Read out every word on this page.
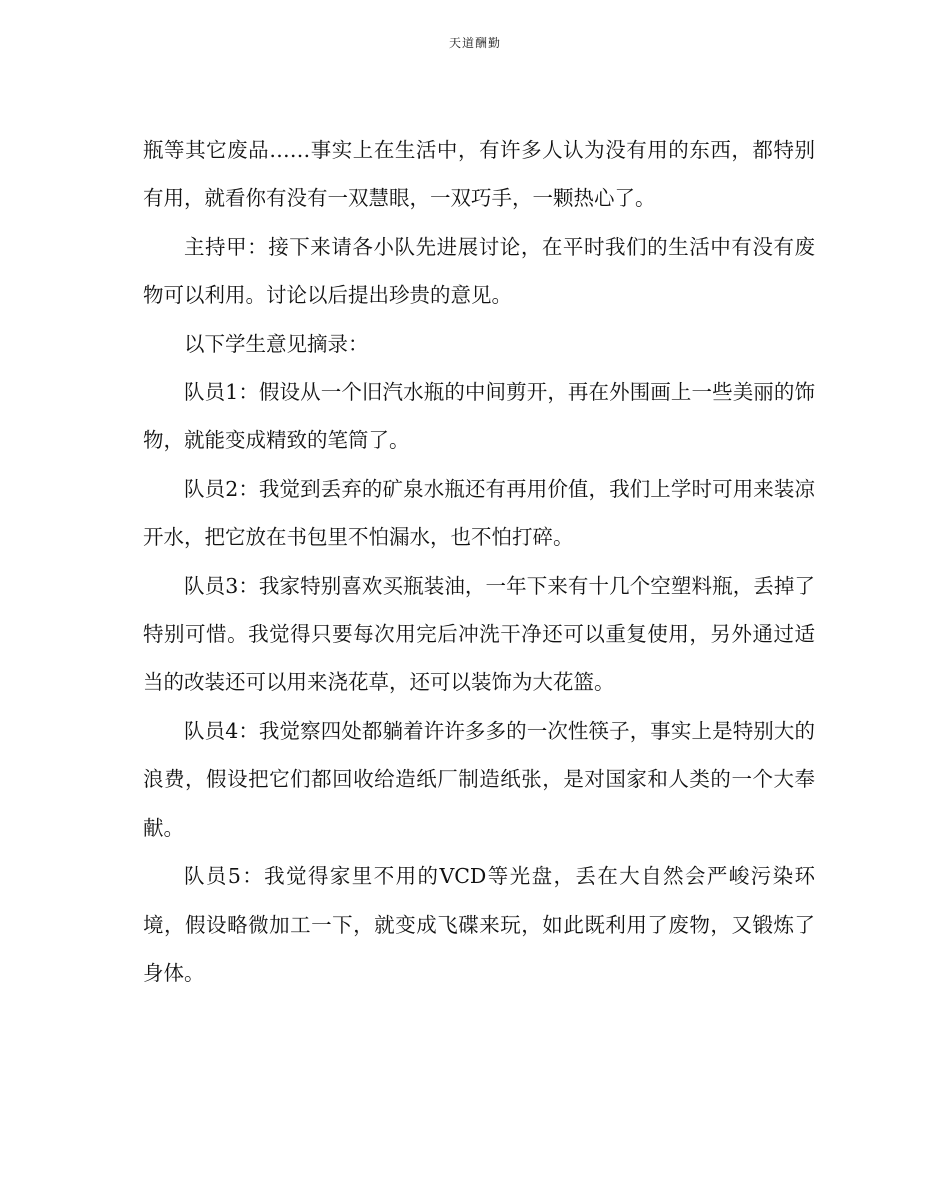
天道酬勤

瓶等其它废品……事实上在生活中，有许多人认为没有用的东西，都特别有用，就看你有没有一双慧眼，一双巧手，一颗热心了。

主持甲：接下来请各小队先进展讨论，在平时我们的生活中有没有废物可以利用。讨论以后提出珍贵的意见。

以下学生意见摘录：

队员1：假设从一个旧汽水瓶的中间剪开，再在外围画上一些美丽的饰物，就能变成精致的笔筒了。

队员2：我觉到丢弃的矿泉水瓶还有再用价值，我们上学时可用来装凉开水，把它放在书包里不怕漏水，也不怕打碎。

队员3：我家特别喜欢买瓶装油，一年下来有十几个空塑料瓶，丢掉了特别可惜。我觉得只要每次用完后冲洗干净还可以重复使用，另外通过适当的改装还可以用来浇花草，还可以装饰为大花篮。

队员4：我觉察四处都躺着许许多多的一次性筷子，事实上是特别大的浪费，假设把它们都回收给造纸厂制造纸张，是对国家和人类的一个大奉献。

队员5：我觉得家里不用的VCD等光盘，丢在大自然会严峻污染环境，假设略微加工一下，就变成飞碟来玩，如此既利用了废物，又锻炼了身体。
